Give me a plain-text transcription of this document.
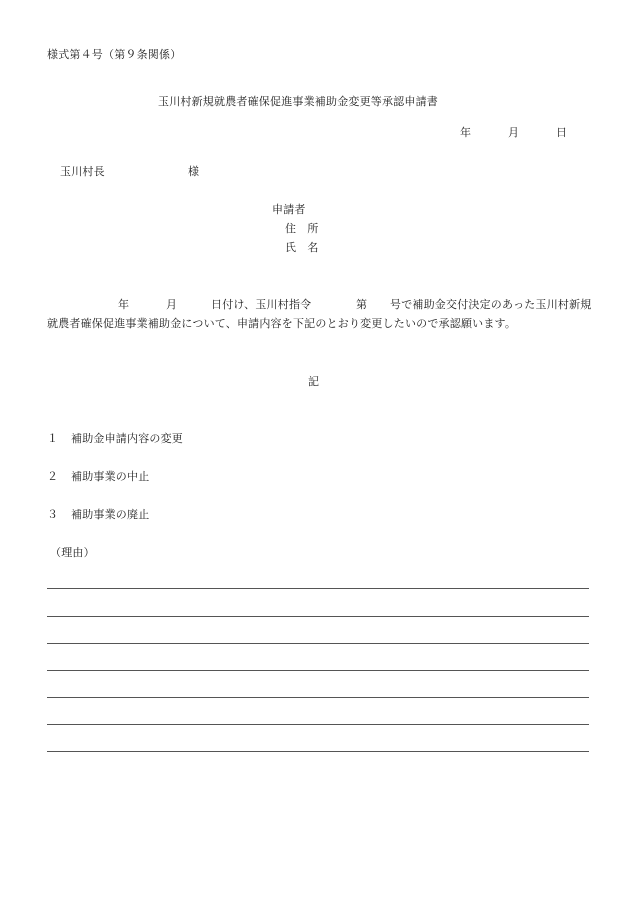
様式第４号（第９条関係）
玉川村新規就農者確保促進事業補助金変更等承認申請書
年	月	日
玉川村長	様
申請者
住　所
氏　名
年	月	日付け、玉川村指令	第 号で補助金交付決定のあった玉川村新規
就農者確保促進事業補助金について、申請内容を下記のとおり変更したいので承認願います。
記
１ 補助金申請内容の変更
２ 補助事業の中止
３ 補助事業の廃止
（理由）
